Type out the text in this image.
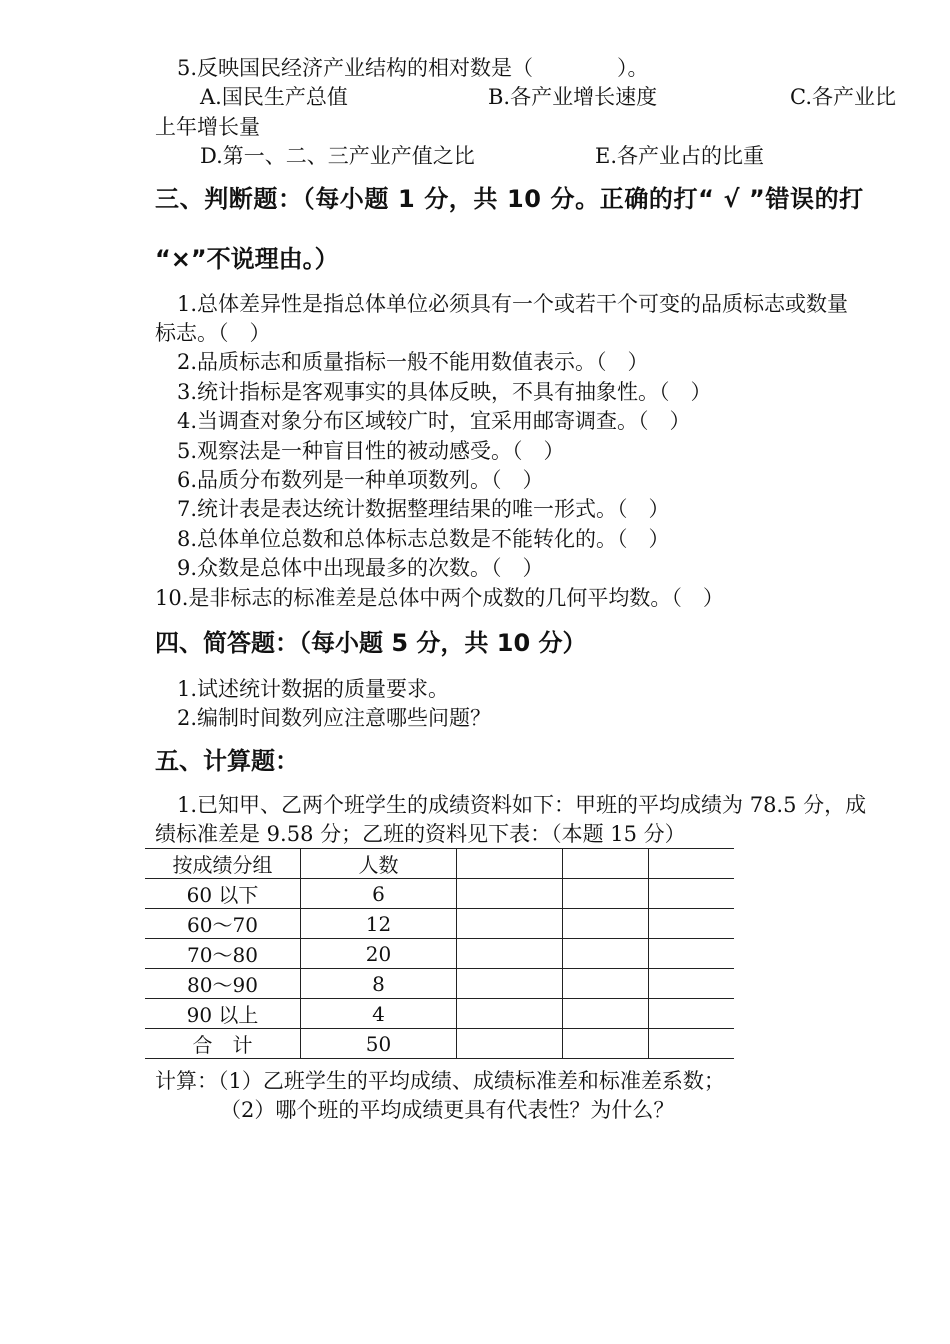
5.反映国民经济产业结构的相对数是（　　　　）。
A.国民生产总值	B.各产业增长速度	C.各产业比
上年增长量
D.第一、二、三产业产值之比	E.各产业占的比重
三、判断题：（每小题 1 分，共 10 分。正确的打“ √ ”错误的打
“×”不说理由。）
1.总体差异性是指总体单位必须具有一个或若干个可变的品质标志或数量
标志。（　）
2.品质标志和质量指标一般不能用数值表示。（　）
3.统计指标是客观事实的具体反映，不具有抽象性。（　）
4.当调查对象分布区域较广时，宜采用邮寄调查。（　）
5.观察法是一种盲目性的被动感受。（　）
6.品质分布数列是一种单项数列。（　）
7.统计表是表达统计数据整理结果的唯一形式。（　）
8.总体单位总数和总体标志总数是不能转化的。（　）
9.众数是总体中出现最多的次数。（　）
10.是非标志的标准差是总体中两个成数的几何平均数。（　）
四、简答题：（每小题 5 分，共 10 分）
1.试述统计数据的质量要求。
2.编制时间数列应注意哪些问题？
五、计算题：
1.已知甲、乙两个班学生的成绩资料如下：甲班的平均成绩为 78.5 分，成
绩标准差是 9.58 分；乙班的资料见下表：（本题 15 分）
按成绩分组	人数			
60 以下	6			
60～70	12			
70～80	20			
80～90	8			
90 以上	4			
合　计	50			
计算：（1）乙班学生的平均成绩、成绩标准差和标准差系数；
（2）哪个班的平均成绩更具有代表性？为什么？
